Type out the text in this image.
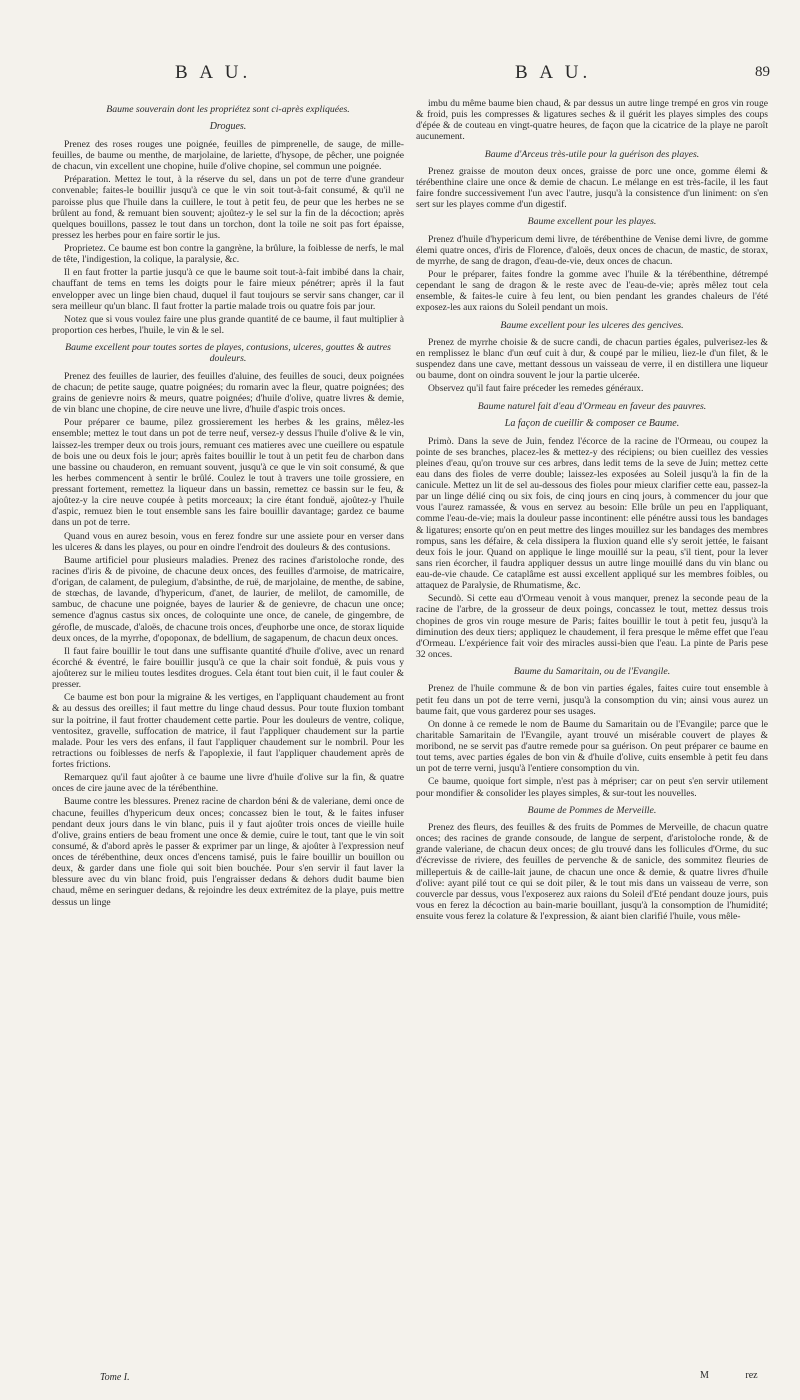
B A U.	B A U.	89
Baume souverain dont les propriétez sont ci-après expliquées.
Drogues.

Prenez des roses rouges une poignée, feuilles de pimprenelle, de sauge, de mille-feuilles, de baume ou menthe, de marjolaine, de lariette, d'hysope, de pêcher, une poignée de chacun, vin excellent une chopine, huile d'olive chopine, sel commun une poignée.

Préparation. Mettez le tout, à la réserve du sel, dans un pot de terre d'une grandeur convenable; faites-le bouillir jusqu'à ce que le vin soit tout-à-fait consumé, & qu'il ne paroisse plus que l'huile dans la cuillere, le tout à petit feu, de peur que les herbes ne se brûlent au fond, & remuant bien souvent; ajoûtez-y le sel sur la fin de la décoction; après quelques bouillons, passez le tout dans un torchon, dont la toile ne soit pas fort épaisse, pressez les herbes pour en faire sortir le jus.

Proprietez. Ce baume est bon contre la gangrène, la brûlure, la foiblesse de nerfs, le mal de tête, l'indigestion, la colique, la paralysie, &c.

Il en faut frotter la partie jusqu'à ce que le baume soit tout-à-fait imbibé dans la chair, chauffant de tems en tems les doigts pour le faire mieux pénétrer; après il la faut envelopper avec un linge bien chaud, duquel il faut toujours se servir sans changer, car il sera meilleur qu'un blanc. Il faut frotter la partie malade trois ou quatre fois par jour.

Notez que si vous voulez faire une plus grande quantité de ce baume, il faut multiplier à proportion ces herbes, l'huile, le vin & le sel.

Baume excellent pour toutes sortes de playes, contusions, ulceres, gouttes & autres douleurs.

Prenez des feuilles de laurier, des feuilles d'aluine, des feuilles de souci, deux poignées de chacun; de petite sauge, quatre poignées; du romarin avec la fleur, quatre poignées; des grains de genievre noirs & meurs, quatre poignées; d'huile d'olive, quatre livres & demie, de vin blanc une chopine, de cire neuve une livre, d'huile d'aspic trois onces.

Pour préparer ce baume, pilez grossierement les herbes & les grains, mêlez-les ensemble; mettez le tout dans un pot de terre neuf, versez-y dessus l'huile d'olive & le vin, laissez-les tremper deux ou trois jours, remuant ces matieres avec une cueillere ou espatule de bois une ou deux fois le jour; après faites bouillir le tout à un petit feu de charbon dans une bassine ou chauderon, en remuant souvent, jusqu'à ce que le vin soit consumé, & que les herbes commencent à sentir le brûlé. Coulez le tout à travers une toile grossiere, en pressant fortement, remettez la liqueur dans un bassin, remettez ce bassin sur le feu, & ajoûtez-y la cire neuve coupée à petits morceaux; la cire étant fonduë, ajoûtez-y l'huile d'aspic, remuez bien le tout ensemble sans les faire bouillir davantage; gardez ce baume dans un pot de terre.

Quand vous en aurez besoin, vous en ferez fondre sur une assiete pour en verser dans les ulceres & dans les playes, ou pour en oindre l'endroit des douleurs & des contusions.

Baume artificiel pour plusieurs maladies. Prenez des racines d'aristoloche ronde, des racines d'iris & de pivoine, de chacune deux onces, des feuilles d'armoise, de matricaire, d'origan, de calament, de pulegium, d'absinthe, de ruë, de marjolaine, de menthe, de sabine, de stœchas, de lavande, d'hypericum, d'anet, de laurier, de melilot, de camomille, de sambuc, de chacune une poignée, bayes de laurier & de genievre, de chacun une once; semence d'agnus castus six onces, de coloquinte une once, de canele, de gingembre, de gérofle, de muscade, d'aloës, de chacune trois onces, d'euphorbe une once, de storax liquide deux onces, de la myrrhe, d'opoponax, de bdellium, de sagapenum, de chacun deux onces.

Il faut faire bouillir le tout dans une suffisante quantité d'huile d'olive, avec un renard écorché & éventré, le faire bouillir jusqu'à ce que la chair soit fonduë, & puis vous y ajoûterez sur le milieu toutes lesdites drogues. Cela étant tout bien cuit, il le faut couler & presser.

Ce baume est bon pour la migraine & les vertiges, en l'appliquant chaudement au front & au dessus des oreilles; il faut mettre du linge chaud dessus. Pour toute fluxion tombant sur la poitrine, il faut frotter chaudement cette partie. Pour les douleurs de ventre, colique, ventositez, gravelle, suffocation de matrice, il faut l'appliquer chaudement sur la partie malade. Pour les vers des enfans, il faut l'appliquer chaudement sur le nombril. Pour les retractions ou foiblesses de nerfs & l'apoplexie, il faut l'appliquer chaudement après de fortes frictions.

Remarquez qu'il faut ajoûter à ce baume une livre d'huile d'olive sur la fin, & quatre onces de cire jaune avec de la térébenthine.

Baume contre les blessures. Prenez racine de chardon béni & de valeriane, demi once de chacune, feuilles d'hypericum deux onces; concassez bien le tout, & le faites infuser pendant deux jours dans le vin blanc, puis il y faut ajoûter trois onces de vieille huile d'olive, grains entiers de beau froment une once & demie, cuire le tout, tant que le vin soit consumé, & d'abord après le passer & exprimer par un linge, & ajoûter à l'expression neuf onces de térébenthine, deux onces d'encens tamisé, puis le faire bouillir un bouillon ou deux, & garder dans une fiole qui soit bien bouchée. Pour s'en servir il faut laver la blessure avec du vin blanc froid, puis l'engraisser dedans & dehors dudit baume bien chaud, même en seringuer dedans, & rejoindre les deux extrémitez de la playe, puis mettre dessus un linge

imbu du même baume bien chaud, & par dessus un autre linge trempé en gros vin rouge & froid, puis les compresses & ligatures seches & il guérit les playes simples des coups d'épée & de couteau en vingt-quatre heures, de façon que la cicatrice de la playe ne paroît aucunement.

Baume d'Arceus très-utile pour la guérison des playes.

Prenez graisse de mouton deux onces, graisse de porc une once, gomme élemi & térébenthine claire une once & demie de chacun. Le mélange en est très-facile, il les faut faire fondre successivement l'un avec l'autre, jusqu'à la consistence d'un liniment: on s'en sert sur les playes comme d'un digestif.

Baume excellent pour les playes.

Prenez d'huile d'hypericum demi livre, de térébenthine de Venise demi livre, de gomme élemi quatre onces, d'iris de Florence, d'aloës, deux onces de chacun, de mastic, de storax, de myrrhe, de sang de dragon, d'eau-de-vie, deux onces de chacun.

Pour le préparer, faites fondre la gomme avec l'huile & la térébenthine, détrempé cependant le sang de dragon & le reste avec de l'eau-de-vie; après mêlez tout cela ensemble, & faites-le cuire à feu lent, ou bien pendant les grandes chaleurs de l'été exposez-les aux raions du Soleil pendant un mois.

Baume excellent pour les ulceres des gencives.

Prenez de myrrhe choisie & de sucre candi, de chacun parties égales, pulverisez-les & en remplissez le blanc d'un œuf cuit à dur, & coupé par le milieu, liez-le d'un filet, & le suspendez dans une cave, mettant dessous un vaisseau de verre, il en distillera une liqueur ou baume, dont on oindra souvent le jour la partie ulcerée.

Observez qu'il faut faire préceder les remedes généraux.

Baume naturel fait d'eau d'Ormeau en faveur des pauvres.
La façon de cueillir & composer ce Baume.

Primò. Dans la seve de Juin, fendez l'écorce de la racine de l'Ormeau, ou coupez la pointe de ses branches, placez-les & mettez-y des récipiens; ou bien cueillez des vessies pleines d'eau, qu'on trouve sur ces arbres, dans ledit tems de la seve de Juin; mettez cette eau dans des fioles de verre double; laissez-les exposées au Soleil jusqu'à la fin de la canicule. Mettez un lit de sel au-dessous des fioles pour mieux clarifier cette eau, passez-la par un linge délié cinq ou six fois, de cinq jours en cinq jours, à commencer du jour que vous l'aurez ramassée, & vous en servez au besoin: Elle brûle un peu en l'appliquant, comme l'eau-de-vie; mais la douleur passe incontinent: elle pénétre aussi tous les bandages & ligatures; ensorte qu'on en peut mettre des linges mouillez sur les bandages des membres rompus, sans les défaire, & cela dissipera la fluxion quand elle s'y seroit jettée, le faisant deux fois le jour. Quand on applique le linge mouillé sur la peau, s'il tient, pour la lever sans rien écorcher, il faudra appliquer dessus un autre linge mouillé dans du vin blanc ou eau-de-vie chaude. Ce cataplâme est aussi excellent appliqué sur les membres foibles, ou attaquez de Paralysie, de Rhumatisme, &c.

Secundò. Si cette eau d'Ormeau venoit à vous manquer, prenez la seconde peau de la racine de l'arbre, de la grosseur de deux poings, concassez le tout, mettez dessus trois chopines de gros vin rouge mesure de Paris; faites bouillir le tout à petit feu, jusqu'à la diminution des deux tiers; appliquez le chaudement, il fera presque le même effet que l'eau d'Ormeau. L'expérience fait voir des miracles aussi-bien que l'eau. La pinte de Paris pese 32 onces.

Baume du Samaritain, ou de l'Evangile.

Prenez de l'huile commune & de bon vin parties égales, faites cuire tout ensemble à petit feu dans un pot de terre verni, jusqu'à la consomption du vin; ainsi vous aurez un baume fait, que vous garderez pour ses usages.

On donne à ce remede le nom de Baume du Samaritain ou de l'Evangile; parce que le charitable Samaritain de l'Evangile, ayant trouvé un misérable couvert de playes & moribond, ne se servit pas d'autre remede pour sa guérison. On peut préparer ce baume en tout tems, avec parties égales de bon vin & d'huile d'olive, cuits ensemble à petit feu dans un pot de terre verni, jusqu'à l'entiere consomption du vin.

Ce baume, quoique fort simple, n'est pas à mépriser; car on peut s'en servir utilement pour mondifier & consolider les playes simples, & sur-tout les nouvelles.

Baume de Pommes de Merveille.

Prenez des fleurs, des feuilles & des fruits de Pommes de Merveille, de chacun quatre onces; des racines de grande consoude, de langue de serpent, d'aristoloche ronde, & de grande valeriane, de chacun deux onces; de glu trouvé dans les follicules d'Orme, du suc d'écrevisse de riviere, des feuilles de pervenche & de sanicle, des sommitez fleuries de millepertuis & de caille-lait jaune, de chacun une once & demie, & quatre livres d'huile d'olive: ayant pilé tout ce qui se doit piler, & le tout mis dans un vaisseau de verre, son couvercle par dessus, vous l'exposerez aux raions du Soleil d'Eté pendant douze jours, puis vous en ferez la décoction au bain-marie bouillant, jusqu'à la consomption de l'humidité; ensuite vous ferez la colature & l'expression, & aiant bien clarifié l'huile, vous mêle-

Tome I.	M	rez
